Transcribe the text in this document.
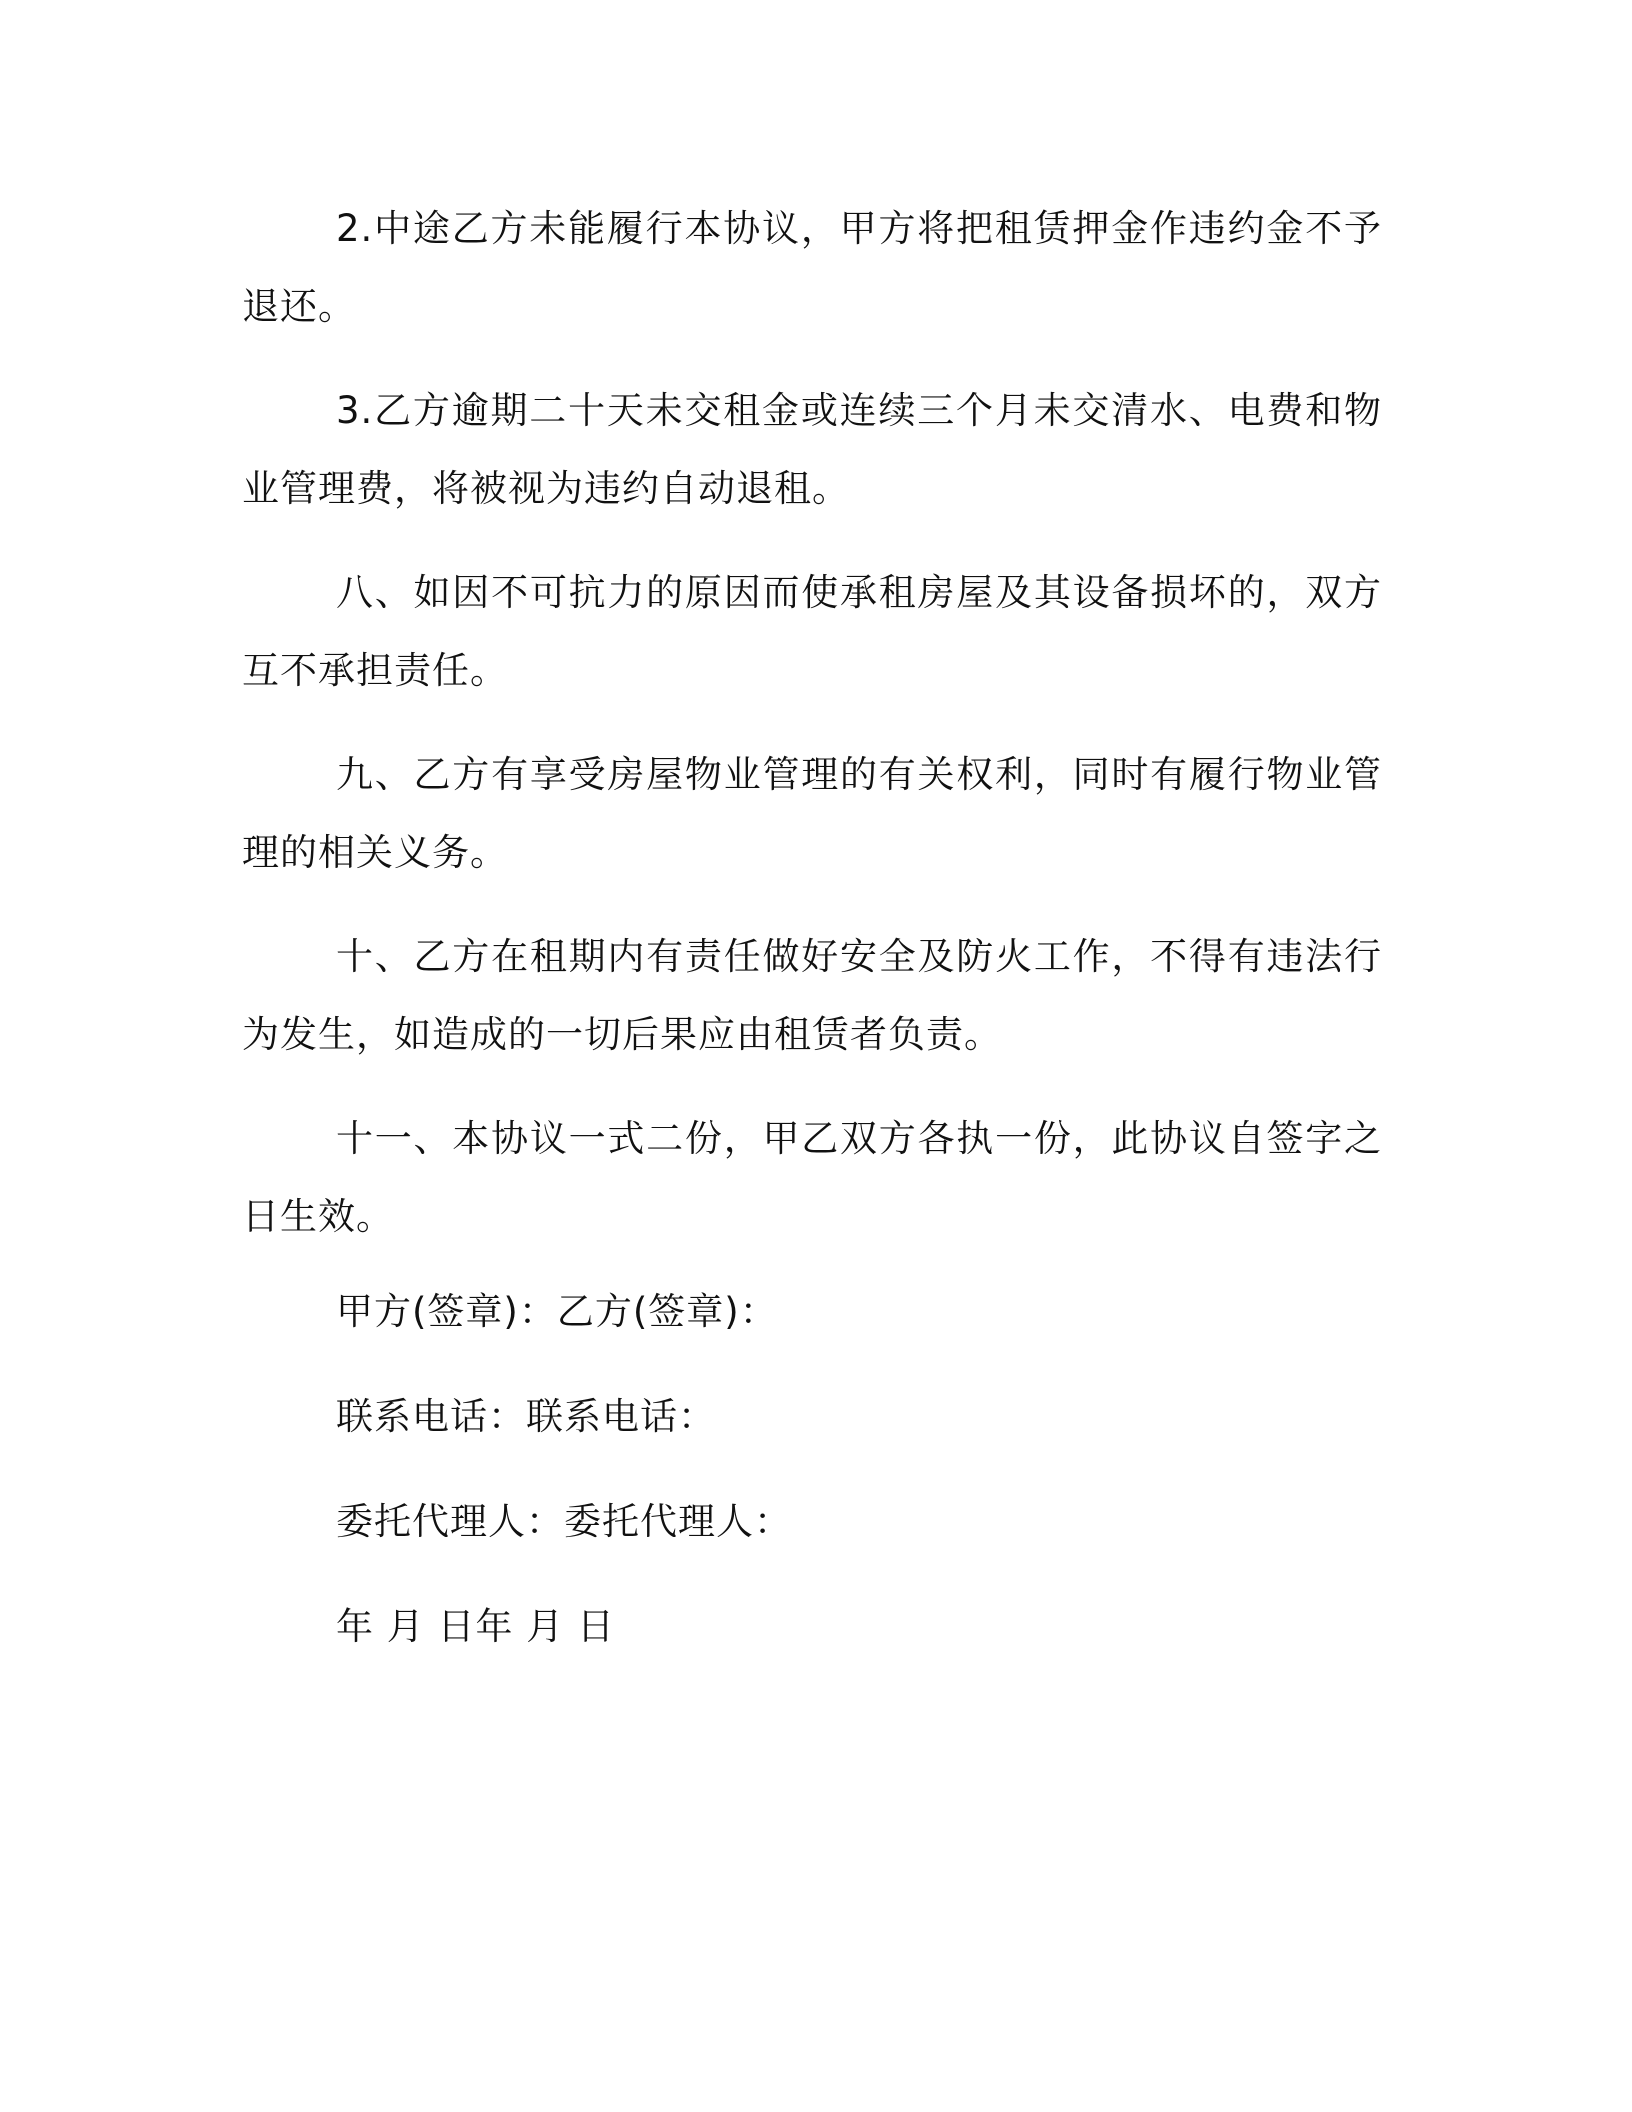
2.中途乙方未能履行本协议，甲方将把租赁押金作违约金不予退还。

3.乙方逾期二十天未交租金或连续三个月未交清水、电费和物业管理费，将被视为违约自动退租。

八、如因不可抗力的原因而使承租房屋及其设备损坏的，双方互不承担责任。

九、乙方有享受房屋物业管理的有关权利，同时有履行物业管理的相关义务。

十、乙方在租期内有责任做好安全及防火工作，不得有违法行为发生，如造成的一切后果应由租赁者负责。

十一、本协议一式二份，甲乙双方各执一份，此协议自签字之日生效。

甲方(签章)：乙方(签章)：

联系电话：联系电话：

委托代理人：委托代理人：

年 月 日年 月 日
